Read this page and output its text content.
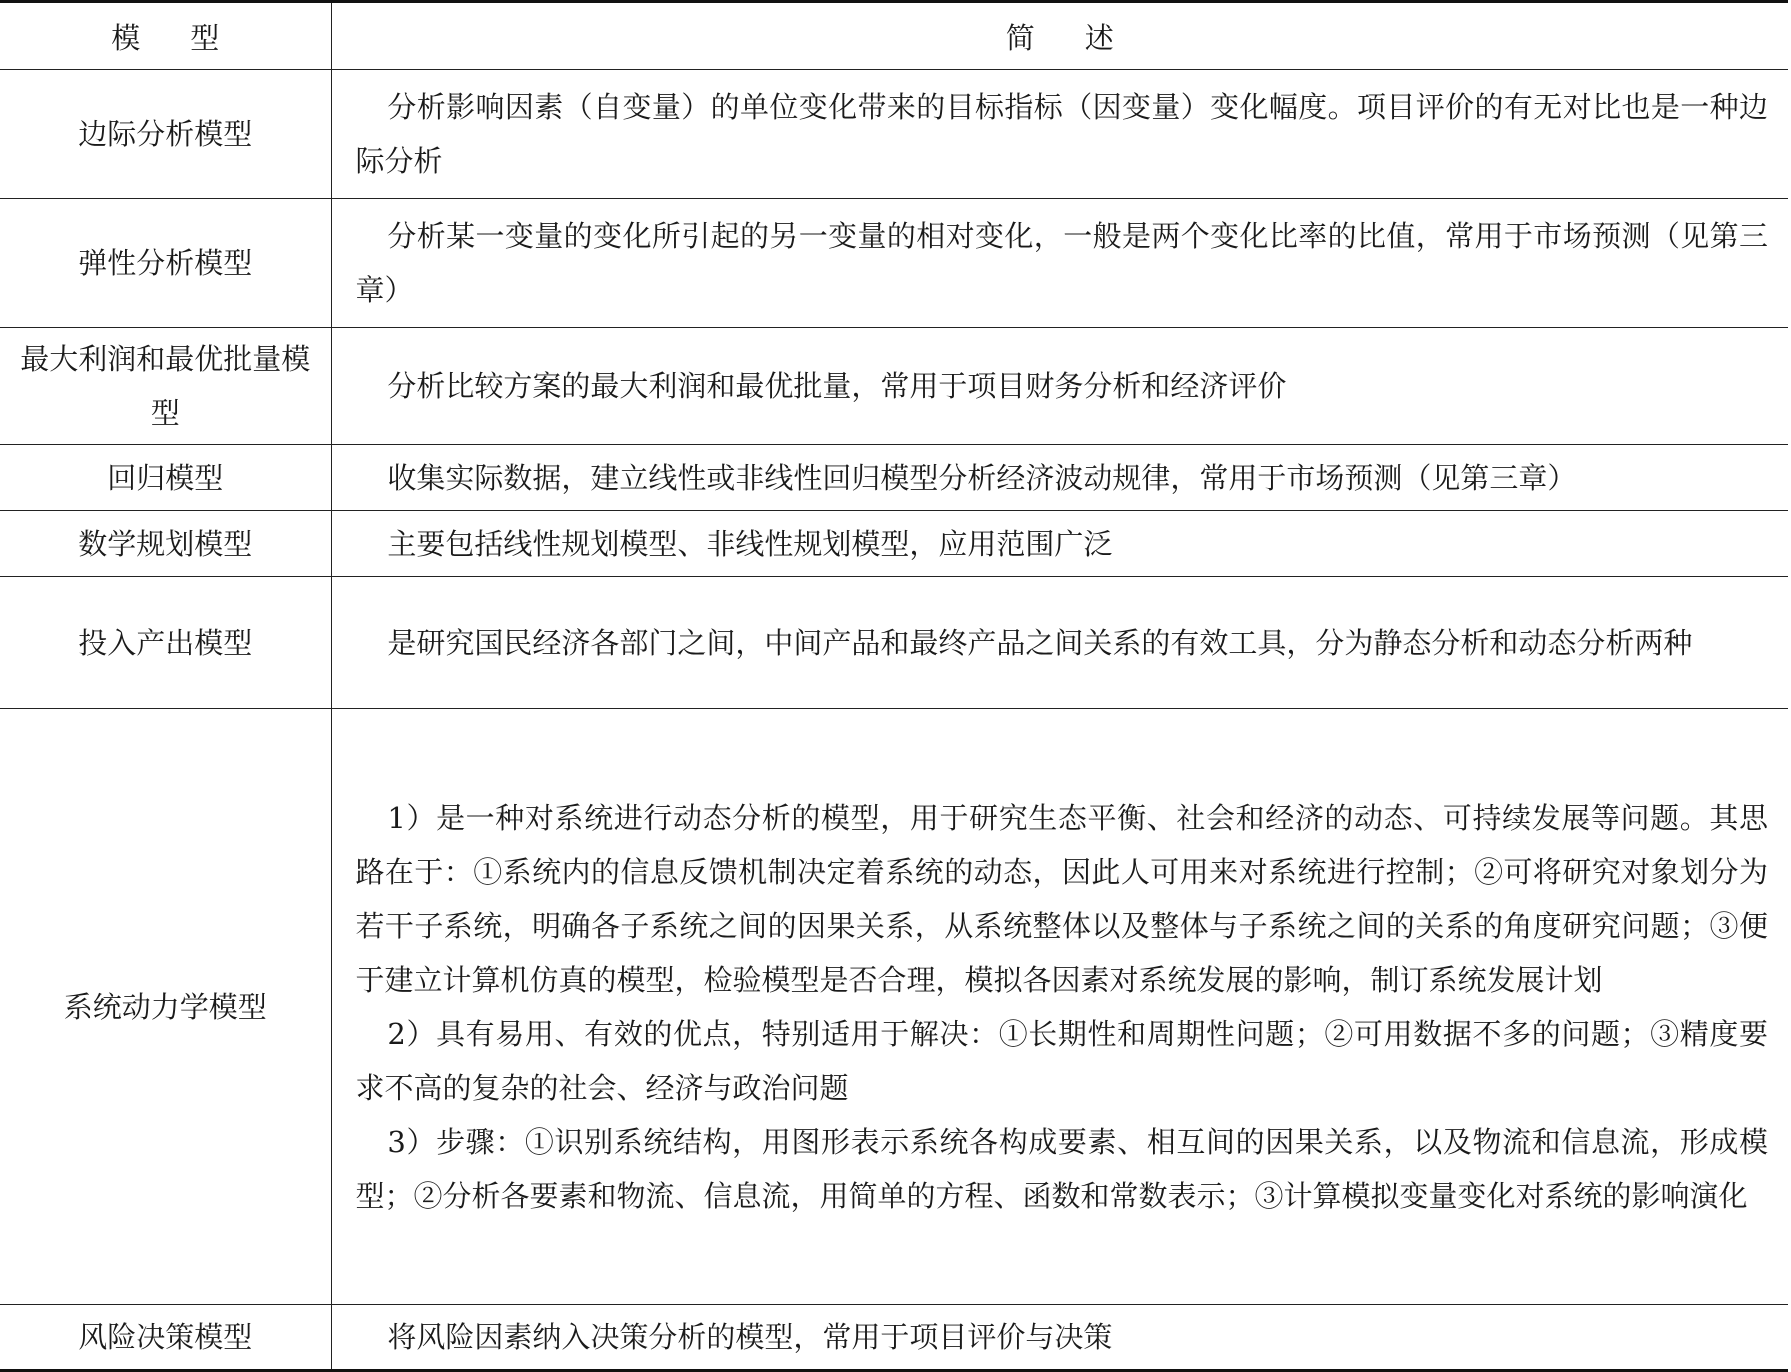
模型	简述
边际分析模型	分析影响因素（自变量）的单位变化带来的目标指标（因变量）变化幅度。项目评价的有无对比也是一种边际分析

弹性分析模型	分析某一变量的变化所引起的另一变量的相对变化，一般是两个变化比率的比值，常用于市场预测（见第三章）

最大利润和最优批量模型	分析比较方案的最大利润和最优批量，常用于项目财务分析和经济评价

回归模型	收集实际数据，建立线性或非线性回归模型分析经济波动规律，常用于市场预测（见第三章）

数学规划模型	主要包括线性规划模型、非线性规划模型，应用范围广泛

投入产出模型	是研究国民经济各部门之间，中间产品和最终产品之间关系的有效工具，分为静态分析和动态分析两种

系统动力学模型	1）是一种对系统进行动态分析的模型，用于研究生态平衡、社会和经济的动态、可持续发展等问题。其思路在于：①系统内的信息反馈机制决定着系统的动态，因此人可用来对系统进行控制；②可将研究对象划分为若干子系统，明确各子系统之间的因果关系，从系统整体以及整体与子系统之间的关系的角度研究问题；③便于建立计算机仿真的模型，检验模型是否合理，模拟各因素对系统发展的影响，制订系统发展计划

2）具有易用、有效的优点，特别适用于解决：①长期性和周期性问题；②可用数据不多的问题；③精度要求不高的复杂的社会、经济与政治问题

3）步骤：①识别系统结构，用图形表示系统各构成要素、相互间的因果关系，以及物流和信息流，形成模型；②分析各要素和物流、信息流，用简单的方程、函数和常数表示；③计算模拟变量变化对系统的影响演化

风险决策模型	将风险因素纳入决策分析的模型，常用于项目评价与决策
